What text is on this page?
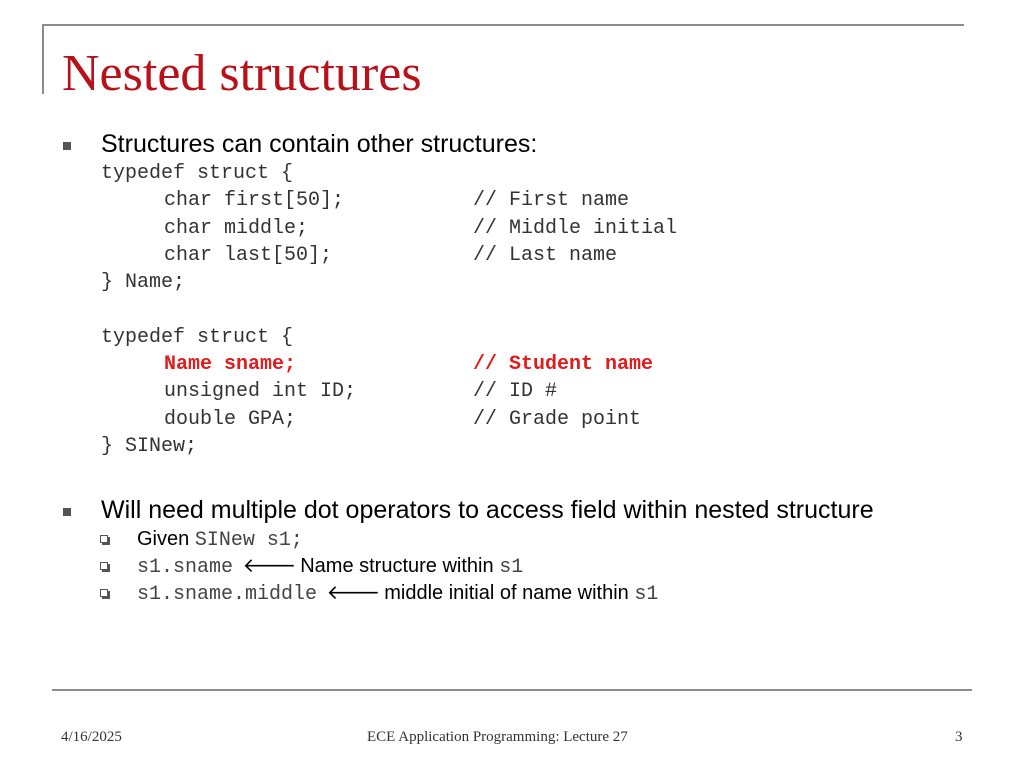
Nested structures
Structures can contain other structures:
typedef struct {
char first[50];	// First name
char middle;	// Middle initial
char last[50];	// Last name
} Name;
typedef struct {
Name sname;	// Student name
unsigned int ID;	// ID #
double GPA;	// Grade point
} SINew;
Will need multiple dot operators to access field within nested structure
Given SINew s1;
s1.sname 🡐 Name structure within s1
s1.sname.middle 🡐 middle initial of name within s1
4/16/2025	ECE Application Programming: Lecture 27	3
